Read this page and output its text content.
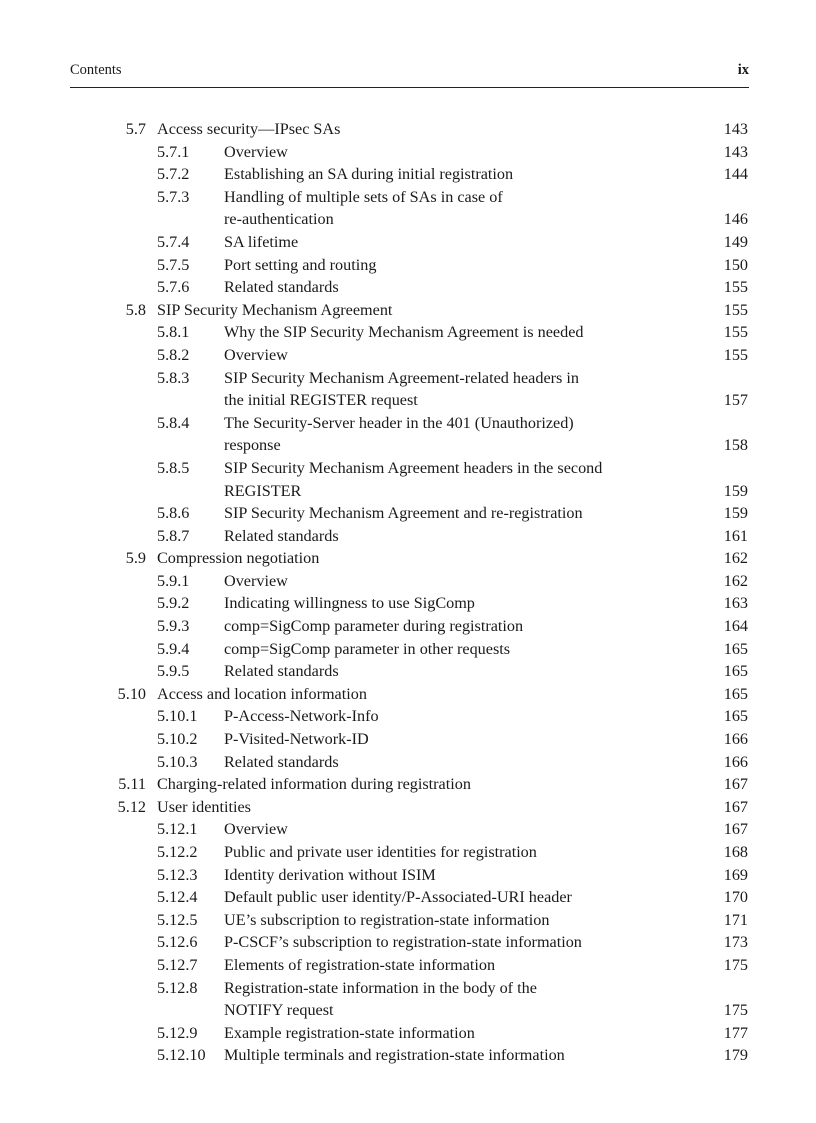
Contents	ix
5.7 Access security—IPsec SAs	143
5.7.1 Overview	143
5.7.2 Establishing an SA during initial registration	144
5.7.3 Handling of multiple sets of SAs in case of
re-authentication	146
5.7.4 SA lifetime	149
5.7.5 Port setting and routing	150
5.7.6 Related standards	155
5.8 SIP Security Mechanism Agreement	155
5.8.1 Why the SIP Security Mechanism Agreement is needed	155
5.8.2 Overview	155
5.8.3 SIP Security Mechanism Agreement-related headers in
the initial REGISTER request	157
5.8.4 The Security-Server header in the 401 (Unauthorized)
response	158
5.8.5 SIP Security Mechanism Agreement headers in the second
REGISTER	159
5.8.6 SIP Security Mechanism Agreement and re-registration	159
5.8.7 Related standards	161
5.9 Compression negotiation	162
5.9.1 Overview	162
5.9.2 Indicating willingness to use SigComp	163
5.9.3 comp=SigComp parameter during registration	164
5.9.4 comp=SigComp parameter in other requests	165
5.9.5 Related standards	165
5.10 Access and location information	165
5.10.1 P-Access-Network-Info	165
5.10.2 P-Visited-Network-ID	166
5.10.3 Related standards	166
5.11 Charging-related information during registration	167
5.12 User identities	167
5.12.1 Overview	167
5.12.2 Public and private user identities for registration	168
5.12.3 Identity derivation without ISIM	169
5.12.4 Default public user identity/P-Associated-URI header	170
5.12.5 UE’s subscription to registration-state information	171
5.12.6 P-CSCF’s subscription to registration-state information	173
5.12.7 Elements of registration-state information	175
5.12.8 Registration-state information in the body of the
NOTIFY request	175
5.12.9 Example registration-state information	177
5.12.10 Multiple terminals and registration-state information	179
